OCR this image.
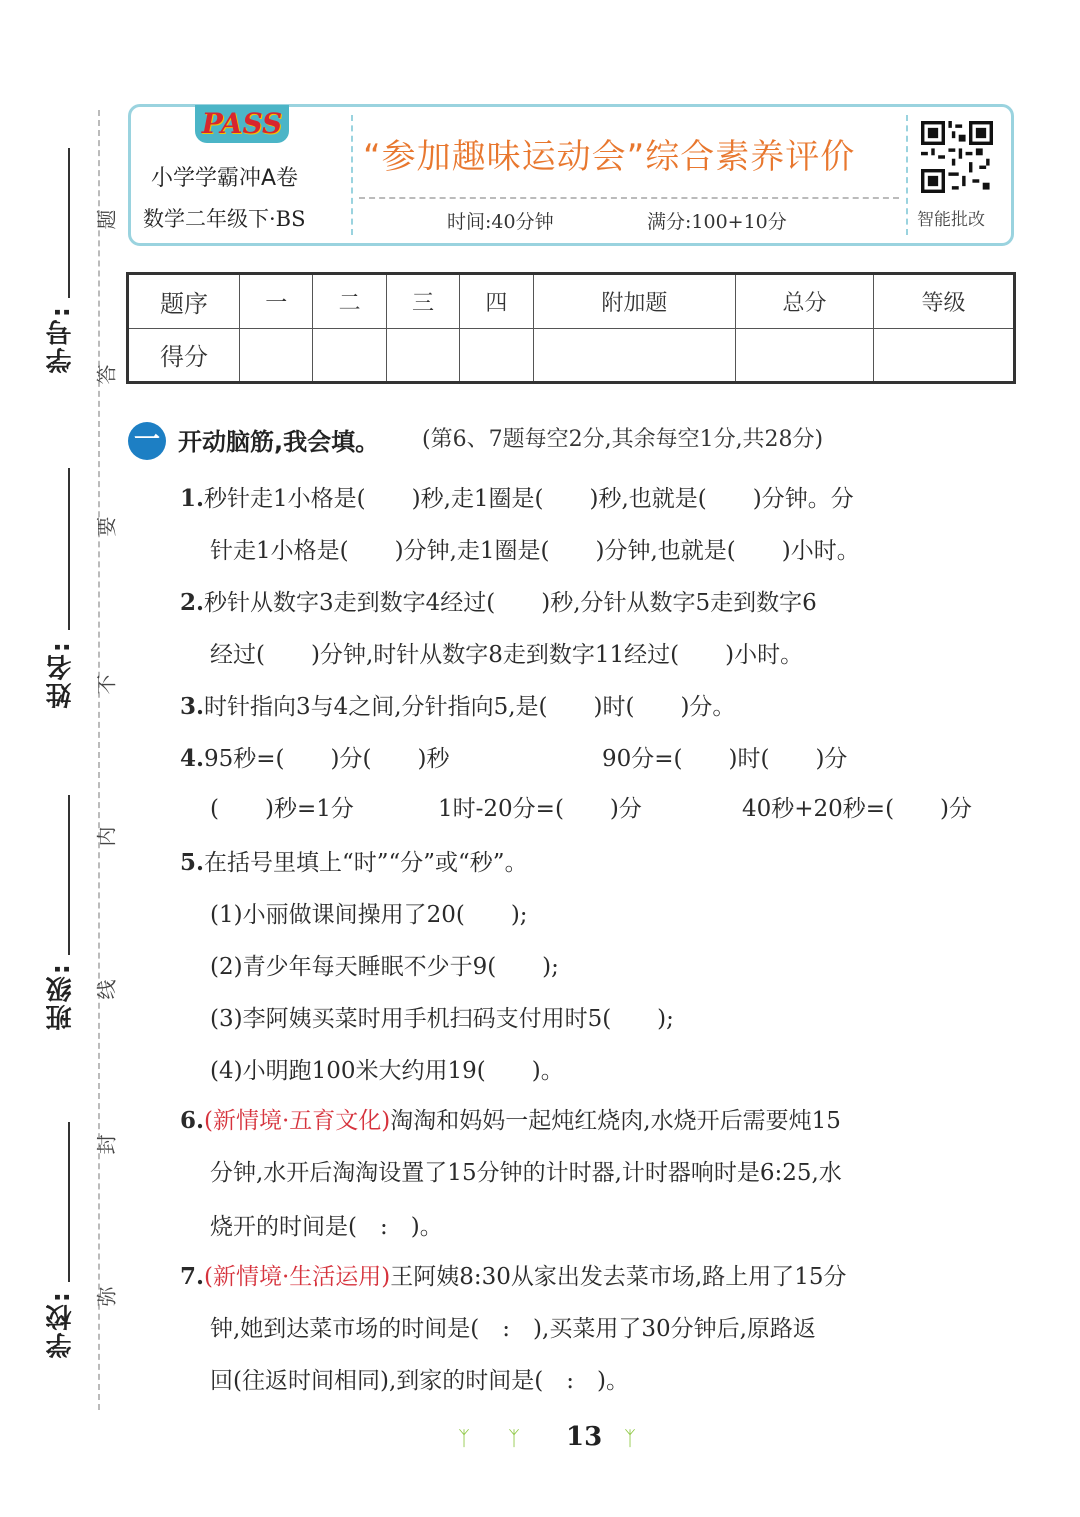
学号:
姓名:
班级:
学校:
题
答
要
不
内
线
封
弥
PASS
小学学霸冲A卷
数学二年级下·BS
“参加趣味运动会”综合素养评价
时间:40分钟	满分:100+10分	智能批改
题序	一	二	三	四	附加题	总分	等级
得分							
一 开动脑筋,我会填。 (第6、7题每空2分,其余每空1分,共28分)
1.秒针走1小格是(　　)秒,走1圈是(　　)秒,也就是(　　)分钟。分
针走1小格是(　　)分钟,走1圈是(　　)分钟,也就是(　　)小时。
2.秒针从数字3走到数字4经过(　　)秒,分针从数字5走到数字6
经过(　　)分钟,时针从数字8走到数字11经过(　　)小时。
3.时针指向3与4之间,分针指向5,是(　　)时(　　)分。
4.95秒=(　　)分(　　)秒	90分=(　　)时(　　)分
(　　)秒=1分	1时-20分=(　　)分	40秒+20秒=(　　)分
5.在括号里填上“时”“分”或“秒”。
(1)小丽做课间操用了20(　　);
(2)青少年每天睡眠不少于9(　　);
(3)李阿姨买菜时用手机扫码支付用时5(　　);
(4)小明跑100米大约用19(　　)。
6.(新情境·五育文化)淘淘和妈妈一起炖红烧肉,水烧开后需要炖15
分钟,水开后淘淘设置了15分钟的计时器,计时器响时是6:25,水
烧开的时间是(　:　)。
7.(新情境·生活运用)王阿姨8:30从家出发去菜市场,路上用了15分
钟,她到达菜市场的时间是(　:　),买菜用了30分钟后,原路返
回(往返时间相同),到家的时间是(　:　)。
ᛉ ᛉ 13 ᛉ
